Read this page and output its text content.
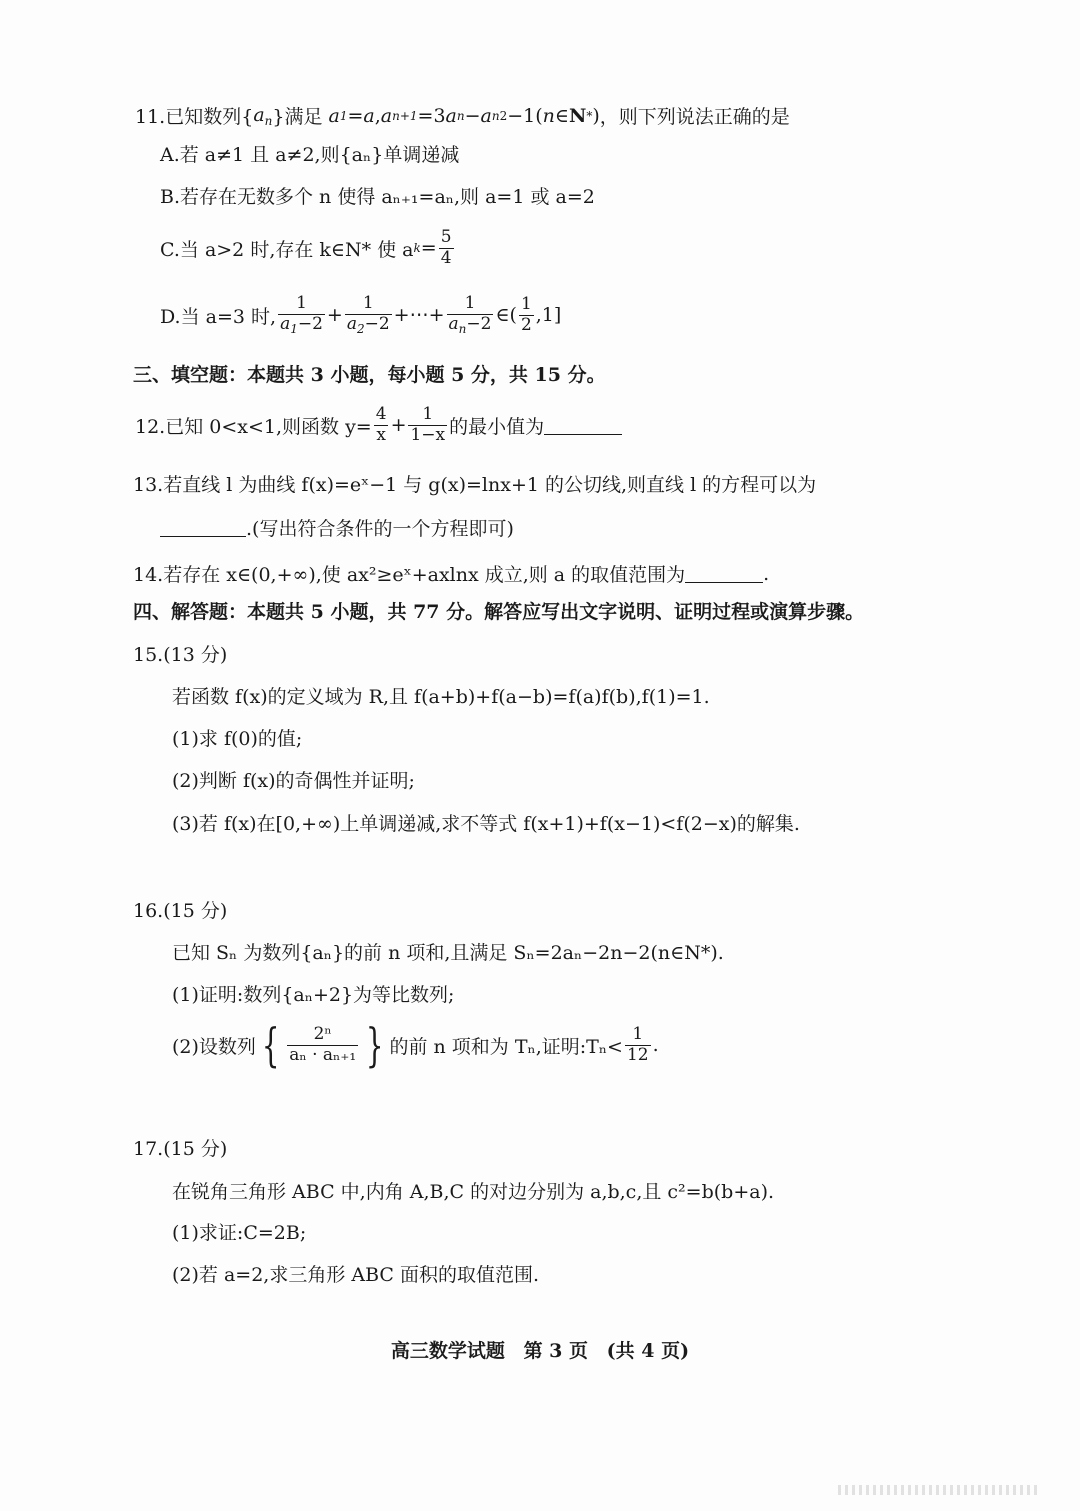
11.已知数列{ $a_n$ }满足
a 1 = a , a n+1 =3 a n − a n 2 −1( n ∈ N * ) ，则下列说法正确的是
A.若 a≠1 且 a≠2,则{aₙ}单调递减
B.若存在无数多个 n 使得 aₙ₊₁=aₙ,则 a=1 或 a=2
C.当 a>2 时,存在 k∈N* 使 a $k = \frac{5}{4}$
D.当 a=3 时, $\frac{1}{a_1-2} + \frac{1}{a_2-2}$ +⋯+ $\frac{1}{a_n-2}$ ∈( $\frac{1}{2} ,1$]
三、填空题：本题共 3 小题，每小题 5 分，共 15 分。
12.已知 0<x<1,则函数 $y= \frac{4}{x} + \frac{1}{1-x}$ 的最小值为
13.若直线 l 为曲线 f(x)=eˣ−1 与 g(x)=lnx+1 的公切线,则直线 l 的方程可以为
.(写出符合条件的一个方程即可)
14.若存在 x∈(0,+∞),使 ax²≥eˣ+axlnx 成立,则 a 的取值范围为	.
四、解答题：本题共 5 小题，共 77 分。解答应写出文字说明、证明过程或演算步骤。
15.(13 分)
若函数 f(x)的定义域为 R,且 f(a+b)+f(a−b)=f(a)f(b),f(1)=1.
(1)求 f(0)的值;
(2)判断 f(x)的奇偶性并证明;
(3)若 f(x)在[0,+∞)上单调递减,求不等式 f(x+1)+f(x−1)<f(2−x)的解集.
16.(15 分)
已知 Sₙ 为数列{aₙ}的前 n 项和,且满足 Sₙ=2aₙ−2n−2(n∈N*).
(1)证明:数列{aₙ+2}为等比数列;
(2)设数列 { $\frac{\text{2ⁿ}}{\text{aₙ · aₙ₊₁}}$ } 的前 n 项和为 Tₙ,证明:Tₙ< $\frac{1}{12}$ .
17.(15 分)
在锐角三角形 ABC 中,内角 A,B,C 的对边分别为 a,b,c,且 c²=b(b+a).
(1)求证:C=2B;
(2)若 a=2,求三角形 ABC 面积的取值范围.
高三数学试题 第 3 页 (共 4 页)
